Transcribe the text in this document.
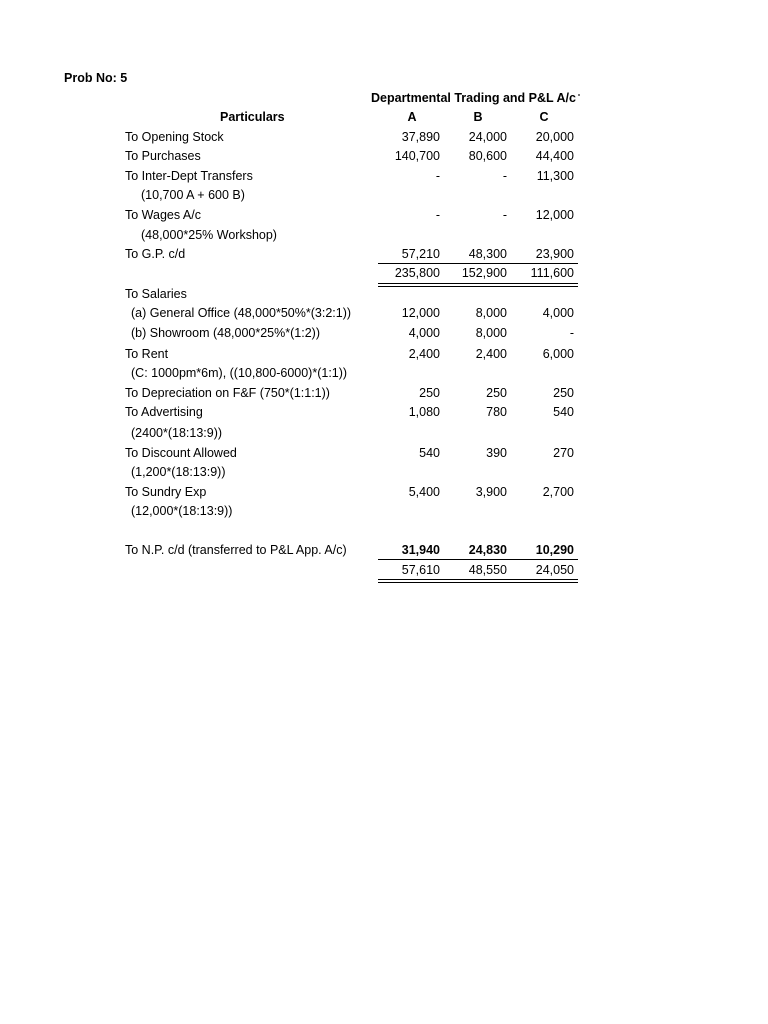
Prob No: 5
Departmental Trading and P&L A/c
Particulars	A	B	C
To Opening Stock	37,890	24,000	20,000
To Purchases	140,700	80,600	44,400
To Inter-Dept Transfers	-	-	11,300
(10,700 A + 600 B)
To Wages A/c	-	-	12,000
(48,000*25% Workshop)
To G.P. c/d	57,210	48,300	23,900
235,800	152,900	111,600
To Salaries
(a) General Office (48,000*50%*(3:2:1))	12,000	8,000	4,000
(b) Showroom (48,000*25%*(1:2))	4,000	8,000	-
To Rent	2,400	2,400	6,000
(C: 1000pm*6m), ((10,800-6000)*(1:1))
To Depreciation on F&F (750*(1:1:1))	250	250	250
To Advertising	1,080	780	540
(2400*(18:13:9))
To Discount Allowed	540	390	270
(1,200*(18:13:9))
To Sundry Exp	5,400	3,900	2,700
(12,000*(18:13:9))
To N.P. c/d (transferred to P&L App. A/c)	31,940	24,830	10,290
57,610	48,550	24,050
